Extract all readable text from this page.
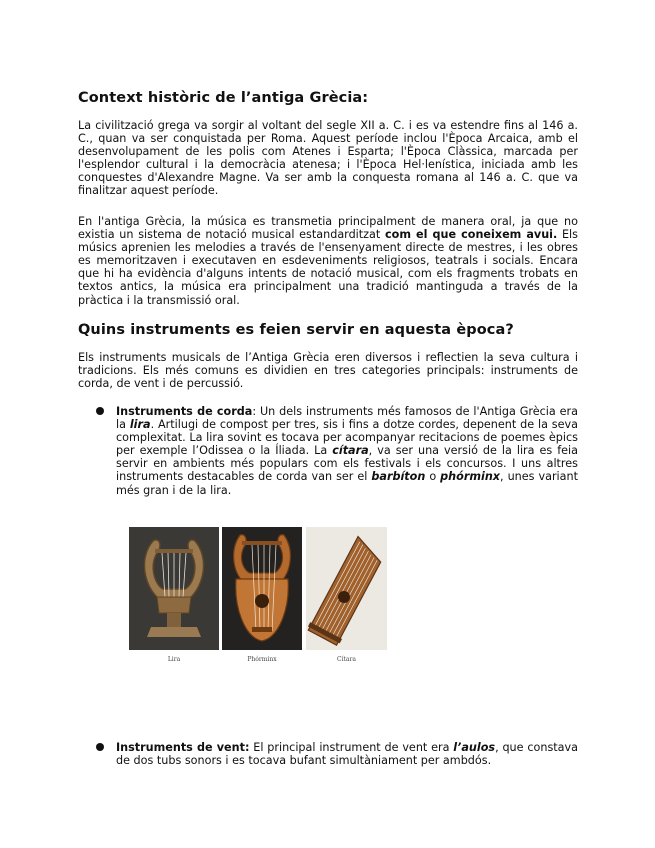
Context històric de l’antiga Grècia:

La civilització grega va sorgir al voltant del segle XII a. C. i es va estendre fins al 146 a. C., quan va ser conquistada per Roma. Aquest període inclou l'Època Arcaica, amb el desenvolupament de les polis com Atenes i Esparta; l'Època Clàssica, marcada per l'esplendor cultural i la democràcia atenesa; i l'Època Hel·lenística, iniciada amb les conquestes d'Alexandre Magne. Va ser amb la conquesta romana al 146 a. C. que va finalitzar aquest període.

En l'antiga Grècia, la música es transmetia principalment de manera oral, ja que no existia un sistema de notació musical estandarditzat com el que coneixem avui. Els músics aprenien les melodies a través de l'ensenyament directe de mestres, i les obres es memoritzaven i executaven en esdeveniments religiosos, teatrals i socials. Encara que hi ha evidència d'alguns intents de notació musical, com els fragments trobats en textos antics, la música era principalment una tradició mantinguda a través de la pràctica i la transmissió oral.

Quins instruments es feien servir en aquesta època?

Els instruments musicals de l’Antiga Grècia eren diversos i reflectien la seva cultura i tradicions. Els més comuns es dividien en tres categories principals: instruments de corda, de vent i de percussió.

Instruments de corda: Un dels instruments més famosos de l'Antiga Grècia era la lira. Artilugi de compost per tres, sis i fins a dotze cordes, depenent de la seva complexitat. La lira sovint es tocava per acompanyar recitacions de poemes èpics per exemple l’Odissea o la Íliada. La cítara, va ser una versió de la lira es feia servir en ambients més populars com els festivals i els concursos. I uns altres instruments destacables de corda van ser el barbíton o phórminx, unes variant més gran i de la lira.

Lira	Phórminx	Cítara

Instruments de vent: El principal instrument de vent era l’aulos, que constava de dos tubs sonors i es tocava bufant simultàniament per ambdós.
